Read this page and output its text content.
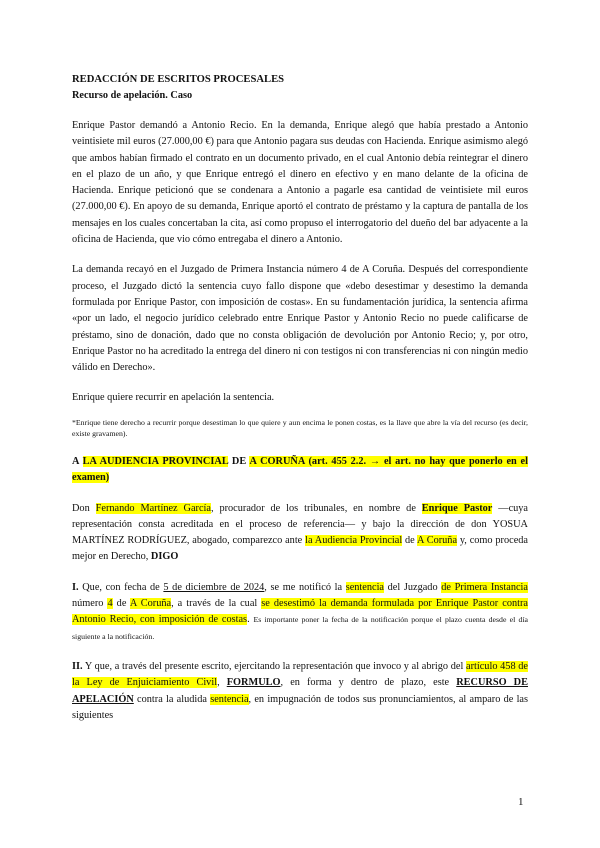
REDACCIÓN DE ESCRITOS PROCESALES

Recurso de apelación. Caso

Enrique Pastor demandó a Antonio Recio. En la demanda, Enrique alegó que había prestado a Antonio veintisiete mil euros (27.000,00 €) para que Antonio pagara sus deudas con Hacienda. Enrique asimismo alegó que ambos habían firmado el contrato en un documento privado, en el cual Antonio debía reintegrar el dinero en el plazo de un año, y que Enrique entregó el dinero en efectivo y en mano delante de la oficina de Hacienda. Enrique peticionó que se condenara a Antonio a pagarle esa cantidad de veintisiete mil euros (27.000,00 €). En apoyo de su demanda, Enrique aportó el contrato de préstamo y la captura de pantalla de los mensajes en los cuales concertaban la cita, así como propuso el interrogatorio del dueño del bar adyacente a la oficina de Hacienda, que vio cómo entregaba el dinero a Antonio.

La demanda recayó en el Juzgado de Primera Instancia número 4 de A Coruña. Después del correspondiente proceso, el Juzgado dictó la sentencia cuyo fallo dispone que «debo desestimar y desestimo la demanda formulada por Enrique Pastor, con imposición de costas». En su fundamentación jurídica, la sentencia afirma «por un lado, el negocio jurídico celebrado entre Enrique Pastor y Antonio Recio no puede calificarse de préstamo, sino de donación, dado que no consta obligación de devolución por Antonio Recio; y, por otro, Enrique Pastor no ha acreditado la entrega del dinero ni con testigos ni con transferencias ni con ningún medio válido en Derecho».

Enrique quiere recurrir en apelación la sentencia.

*Enrique tiene derecho a recurrir porque desestiman lo que quiere y aun encima le ponen costas, es la llave que abre la vía del recurso (es decir, existe gravamen).

A LA AUDIENCIA PROVINCIAL DE A CORUÑA (art. 455 2.2. → el art. no hay que ponerlo en el examen)

Don Fernando Martínez García, procurador de los tribunales, en nombre de Enrique Pastor —cuya representación consta acreditada en el proceso de referencia— y bajo la dirección de don YOSUA MARTÍNEZ RODRÍGUEZ, abogado, comparezco ante la Audiencia Provincial de A Coruña y, como proceda mejor en Derecho, DIGO

I. Que, con fecha de 5 de diciembre de 2024, se me notificó la sentencia del Juzgado de Primera Instancia número 4 de A Coruña, a través de la cual se desestimó la demanda formulada por Enrique Pastor contra Antonio Recio, con imposición de costas. Es importante poner la fecha de la notificación porque el plazo cuenta desde el día siguiente a la notificación.

II. Y que, a través del presente escrito, ejercitando la representación que invoco y al abrigo del artículo 458 de la Ley de Enjuiciamiento Civil, FORMULO, en forma y dentro de plazo, este RECURSO DE APELACIÓN contra la aludida sentencia, en impugnación de todos sus pronunciamientos, al amparo de las siguientes

1
